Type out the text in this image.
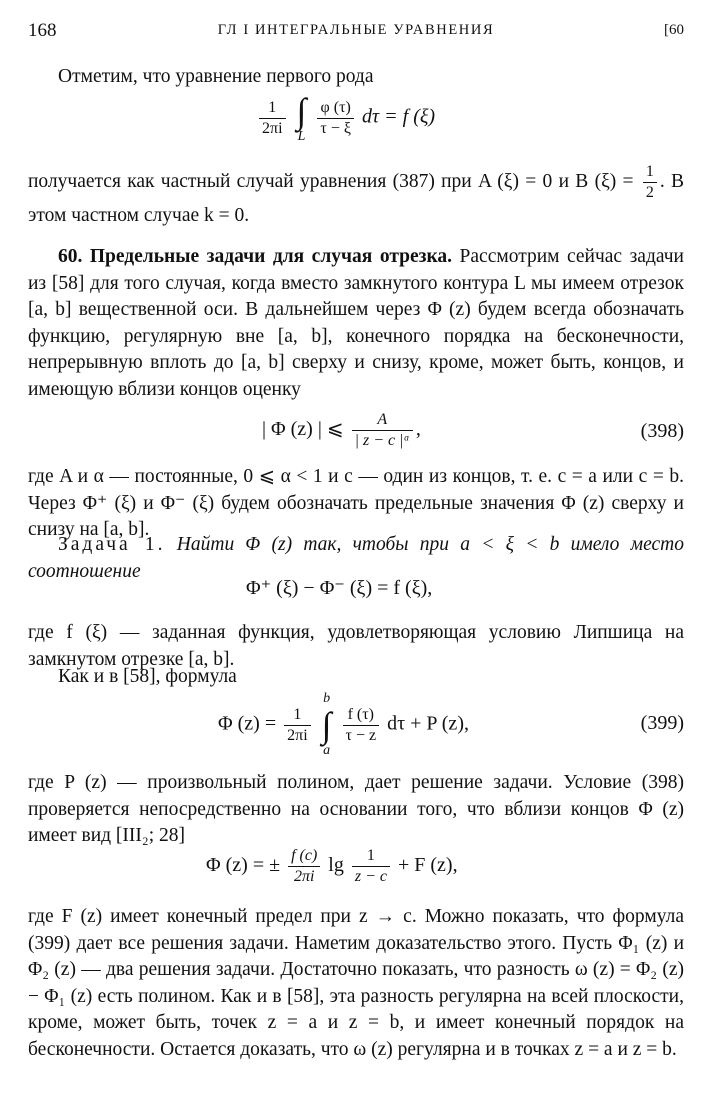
168	ГЛ I ИНТЕГРАЛЬНЫЕ УРАВНЕНИЯ	[60
Отметим, что уравнение первого рода
$\frac{1}{2\pi i}$
∫
L
$\frac{\varphi (\tau)}{\tau - \xi}$ dτ = f (ξ)
получается как частный случай уравнения (387) при A (ξ) = 0 и B $(\xi) = \frac{1}{2}$ . В этом частном случае k = 0.
60. Предельные задачи для случая отрезка. Рассмотрим сейчас задачи из [58] для того случая, когда вместо замкнутого контура L мы имеем отрезок [a, b] вещественной оси. В дальнейшем через Φ (z) будем всегда обозначать функцию, регулярную вне [a, b], конечного порядка на бесконечности, непрерывную вплоть до [a, b] сверху и снизу, кроме, может быть, концов, и имеющую вблизи концов оценку
| Φ (z) | ⩽ $\frac{A}{\text{| z − c |ᵅ}}$ ,	(398)
где A и α — постоянные, 0 ⩽ α < 1 и c — один из концов, т. е. c = a или c = b. Через Φ⁺ (ξ) и Φ⁻ (ξ) будем обозначать предельные значения Φ (z) сверху и снизу на [a, b].
Задача 1. Найти Φ (z) так, чтобы при a < ξ < b имело место соотношение
Φ⁺ (ξ) − Φ⁻ (ξ) = f (ξ),
где f (ξ) — заданная функция, удовлетворяющая условию Липшица на замкнутом отрезке [a, b].
Как и в [58], формула
Φ $(z) = \frac{1}{2\pi i}$

b
∫
a

$\frac{f (\tau)}{\tau - z}$ dτ + P (z),	(399)
где P (z) — произвольный полином, дает решение задачи. Условие (398) проверяется непосредственно на основании того, что вблизи концов Φ (z) имеет вид [III₂; 28]
Φ (z) = ± $\frac{f (c)}{2\pi i}$ $\lg \frac{1}{z - c} + F$ (z),
где F (z) имеет конечный предел при z → c. Можно показать, что формула (399) дает все решения задачи. Наметим доказательство этого. Пусть Φ₁ (z) и Φ₂ (z) — два решения задачи. Достаточно показать, что разность ω (z) = Φ₂ (z) − Φ₁ (z) есть полином. Как и в [58], эта разность регулярна на всей плоскости, кроме, может быть, точек z = a и z = b, и имеет конечный порядок на бесконечности. Остается доказать, что ω (z) регулярна и в точках z = a и z = b.
